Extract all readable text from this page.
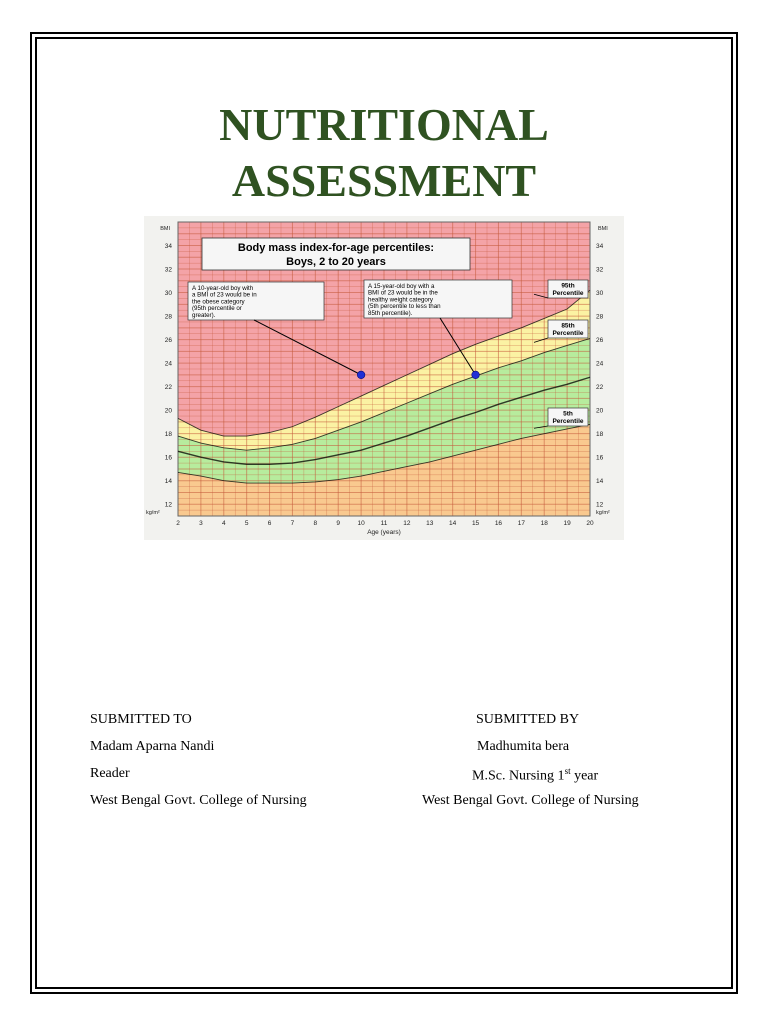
NUTRITIONAL
ASSESSMENT
12	12
14	14
16	16
18	18
20	20
22	22
24	24
26	26
28	28
30	30
32	32
34	34
BMI	BMI
kg/m²	kg/m²
2	3	4	5	6	7	8	9	10 11 12 13 14 15 16 17 18 19 20
Age (years)
Body mass index-for-age percentiles:
Boys, 2 to 20 years
A 10-year-old boy with
a BMI of 23 would be in
the obese category
(95th percentile or
greater).
A 15-year-old boy with a
BMI of 23 would be in the
healthy weight category
(5th percentile to less than
85th percentile).
95th
Percentile
85th
Percentile
5th
Percentile
SUBMITTED TO
Madam Aparna Nandi
Reader
West Bengal Govt. College of Nursing
SUBMITTED BY
Madhumita bera
M.Sc. Nursing 1st year
West Bengal Govt. College of Nursing
